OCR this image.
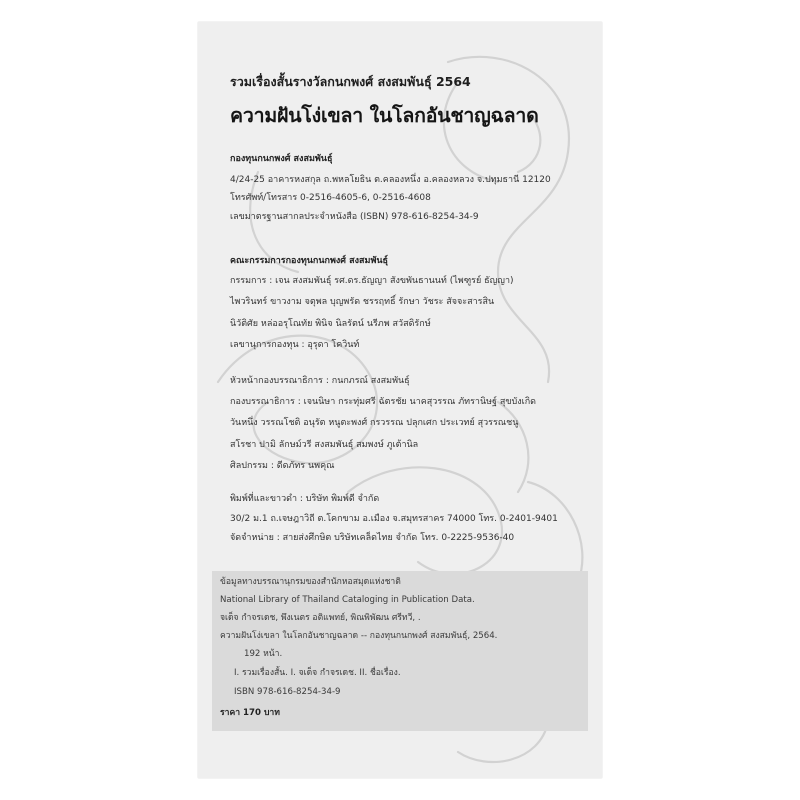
รวมเรื่องสั้นรางวัลกนกพงศ์ สงสมพันธุ์ 2564
ความฝันโง่เขลา ในโลกอันชาญฉลาด
กองทุนกนกพงศ์ สงสมพันธุ์
4/24-25 อาคารหงสกุล ถ.พหลโยธิน ต.คลองหนึ่ง อ.คลองหลวง จ.ปทุมธานี 12120
โทรศัพท์/โทรสาร 0-2516-4605-6, 0-2516-4608
เลขมาตรฐานสากลประจำหนังสือ (ISBN) 978-616-8254-34-9
คณะกรรมการกองทุนกนกพงศ์ สงสมพันธุ์
กรรมการ : เจน สงสมพันธุ์ รศ.ดร.ธัญญา สังขพันธานนท์ (ไพฑูรย์ ธัญญา)
ไพวรินทร์ ขาวงาม จตุพล บุญพรัด ชรรฤทธิ์ รักษา วัชระ สัจจะสารสิน
นิวัติศัย หล่ออรุโณทัย พินิจ นิลรัตน์ นรีภพ สวัสดิรักษ์
เลขานุการกองทุน : อุรุดา โควินท์
หัวหน้ากองบรรณาธิการ : กนกภรณ์ สงสมพันธุ์
กองบรรณาธิการ : เจนนิษา กระทุ่มศรี ฉัตรชัย นาคสุวรรณ ภัทรานิษฐ์ สุขบังเกิด
วันหนึ่ง วรรณโชติ อนุรัต หนูตะพงศ์ กรวรรณ ปลุกเศก ประเวทย์ สุวรรณชนู
สโรชา ปามิ ลักษม์วรี สงสมพันธุ์ สมพงษ์ ภูเต้านิล
ศิลปกรรม : ดีดภัทร นพคุณ
พิมพ์ที่และขาวดำ : บริษัท พิมพ์ดี จำกัด
30/2 ม.1 ถ.เจษฎาวิถี ต.โคกขาม อ.เมือง จ.สมุทรสาคร 74000 โทร. 0-2401-9401
จัดจำหน่าย : สายส่งศึกษิต บริษัทเคล็ดไทย จำกัด โทร. 0-2225-9536-40
ข้อมูลทางบรรณานุกรมของสำนักหอสมุดแห่งชาติ
National Library of Thailand Cataloging in Publication Data.
จเด็จ กำจรเดช, พึงเนตร อติแพทย์, พิณพิพัฒน ศรีทวี, .
ความฝันโง่เขลา ในโลกอันชาญฉลาด -- กองทุนกนกพงศ์ สงสมพันธุ์, 2564.
192 หน้า.
I. รวมเรื่องสั้น. I. จเด็จ กำจรเดช. II. ชื่อเรื่อง.
ISBN 978-616-8254-34-9
ราคา 170 บาท
